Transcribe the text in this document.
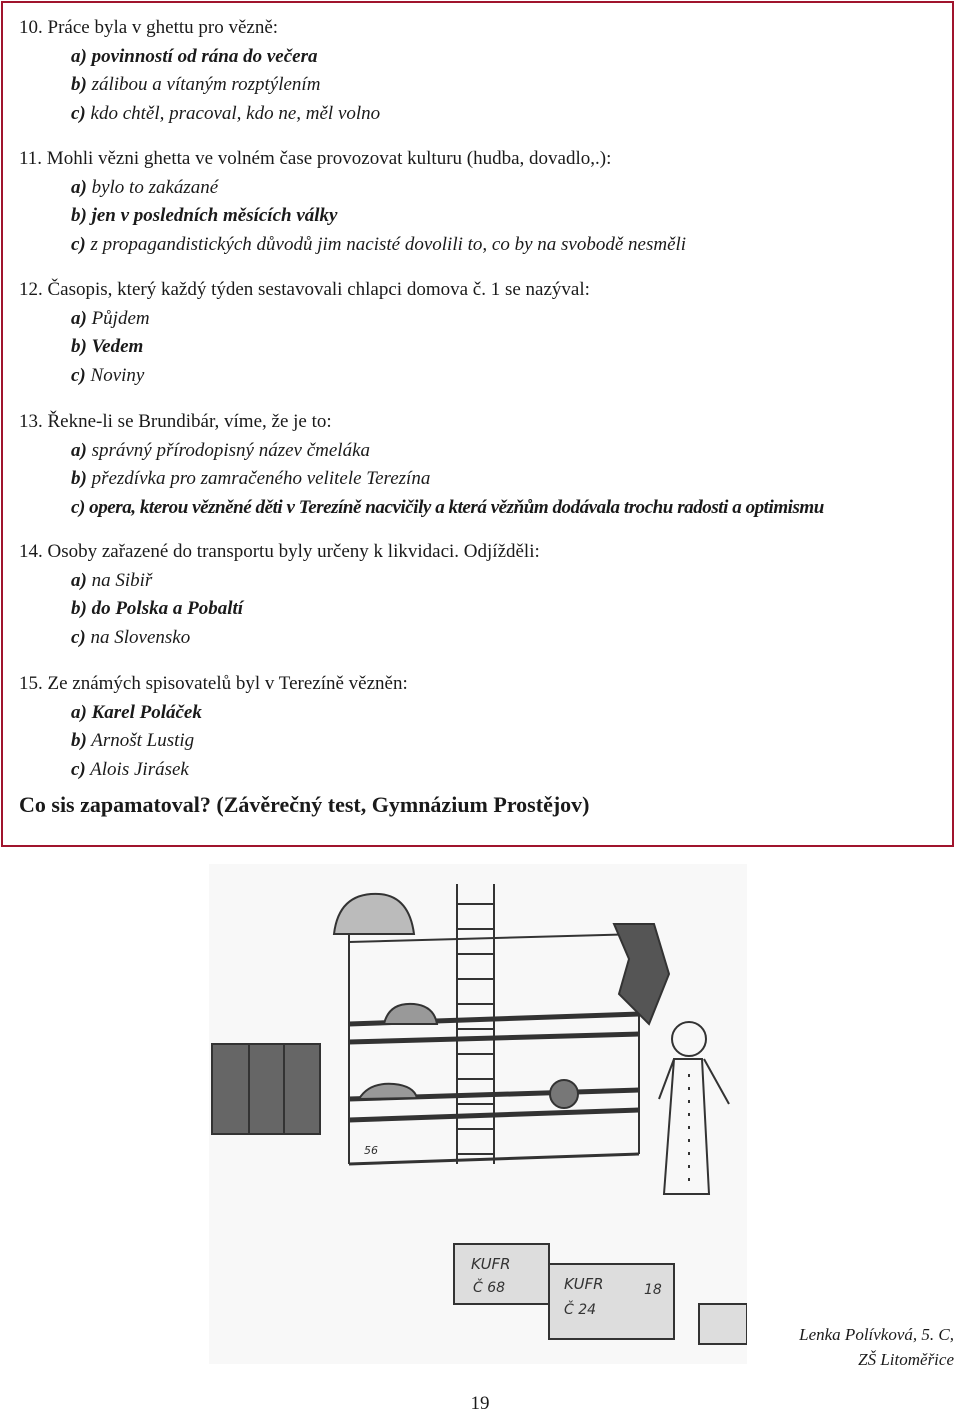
10. Práce byla v ghettu pro vězně:
a) povinností od rána do večera
b) zálibou a vítaným rozptýlením
c) kdo chtěl, pracoval, kdo ne, měl volno
11. Mohli vězni ghetta ve volném čase provozovat kulturu (hudba, dovadlo,.):
a) bylo to zakázané
b) jen v posledních měsících války
c) z propagandistických důvodů jim nacisté dovolili to, co by na svobodě nesměli
12. Časopis, který každý týden sestavovali chlapci domova č. 1 se nazýval:
a) Půjdem
b) Vedem
c) Noviny
13. Řekne-li se Brundibár, víme, že je to:
a) správný přírodopisný název čmeláka
b) přezdívka pro zamračeného velitele Terezína
c) opera, kterou vězněné děti v Terezíně nacvičily a která vězňům dodávala trochu radosti a optimismu
14. Osoby zařazené do transportu byly určeny k likvidaci. Odjížděli:
a) na Sibiř
b) do Polska a Pobaltí
c) na Slovensko
15. Ze známých spisovatelů byl v Terezíně vězněn:
a) Karel Poláček
b) Arnošt Lustig
c) Alois Jirásek
Co sis zapamatoval? (Závěrečný test, Gymnázium Prostějov)
KUFR
Č 68	KUFR
Č 24
18
56
Lenka Polívková, 5. C,
ZŠ Litoměřice
19
